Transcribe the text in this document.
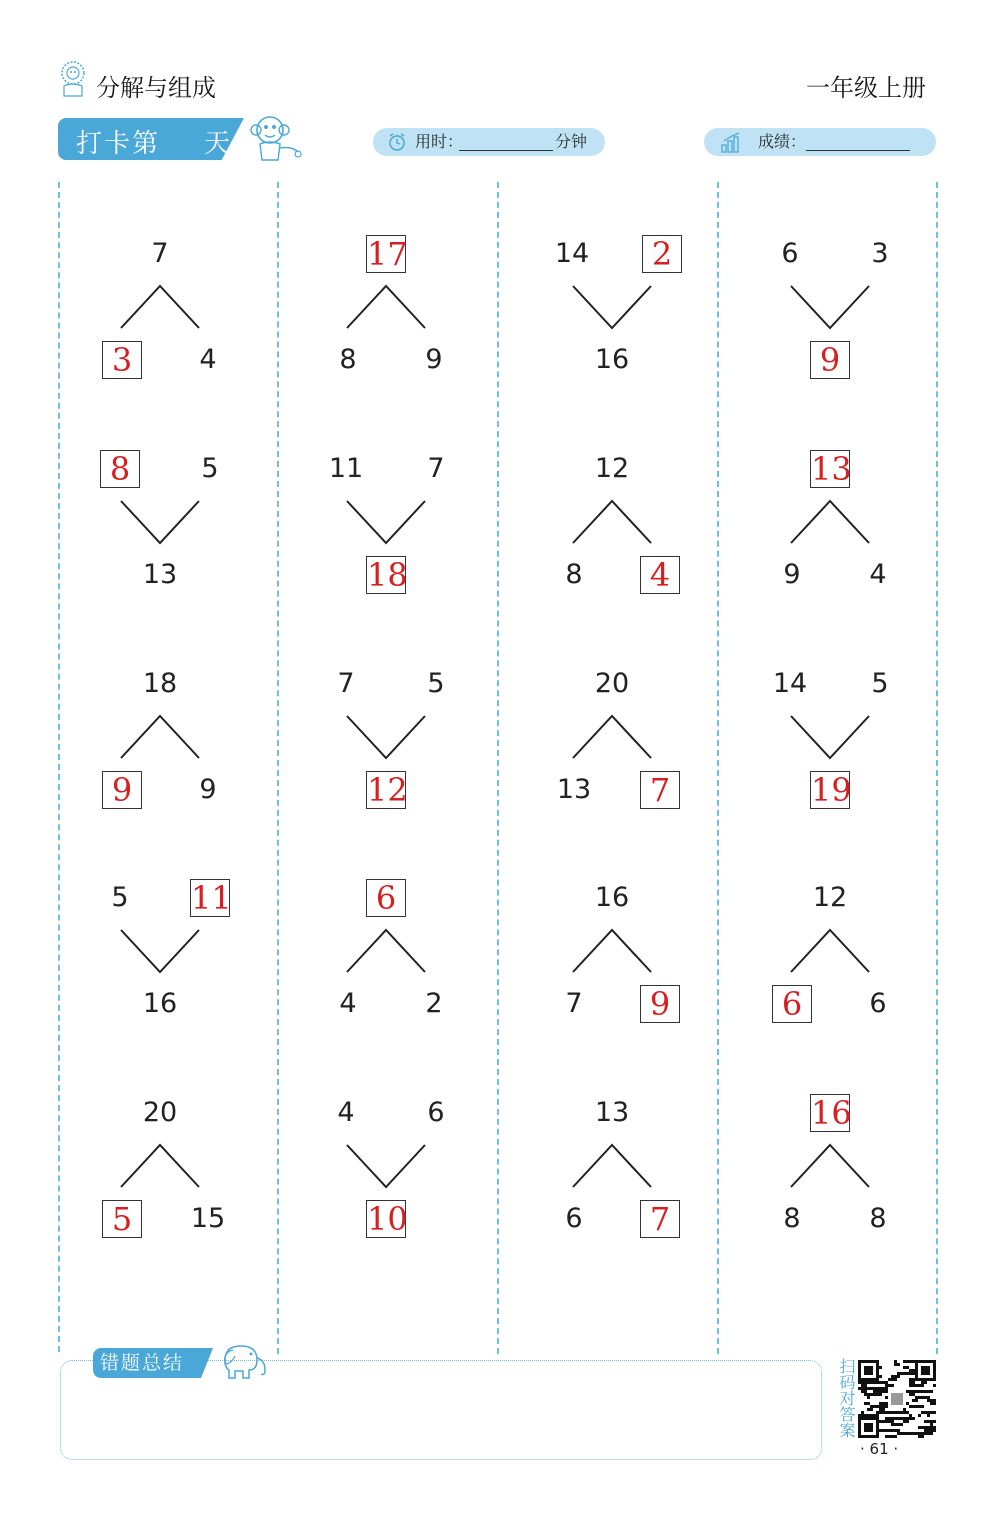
分解与组成	一年级上册
打卡第 天	用时：	分钟	成绩：
7
3	4
8	5
13
18
9	9
5	11
16
20
5	15
17
8	9
11	7
18
7	5
12
6
4	2
4	6
10
14	2
16
12
8	4
20
13	7
16
7	9
13
6	7
6	3
9
13
9	4
14	5
19
12
6	6
16
8	8
错题总结	扫码对答案
· 61 ·
